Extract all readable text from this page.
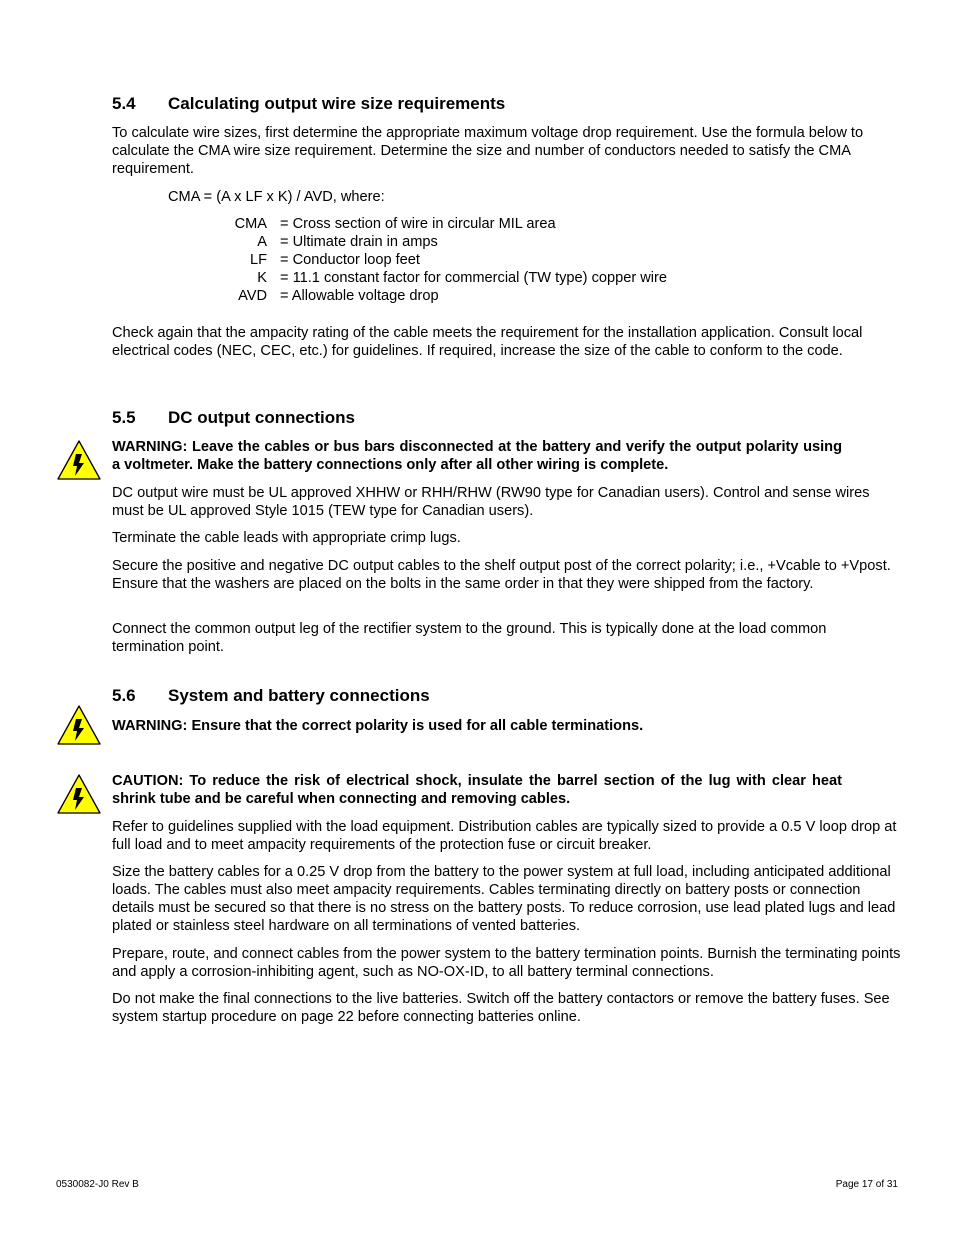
5.4 Calculating output wire size requirements

To calculate wire sizes, first determine the appropriate maximum voltage drop requirement. Use the formula below to calculate the CMA wire size requirement. Determine the size and number of conductors needed to satisfy the CMA requirement.

CMA = (A x LF x K) / AVD, where:

CMA = Cross section of wire in circular MIL area
A = Ultimate drain in amps
LF = Conductor loop feet
K = 11.1 constant factor for commercial (TW type) copper wire
AVD = Allowable voltage drop

Check again that the ampacity rating of the cable meets the requirement for the installation application. Consult local electrical codes (NEC, CEC, etc.) for guidelines. If required, increase the size of the cable to conform to the code.

5.5 DC output connections

WARNING: Leave the cables or bus bars disconnected at the battery and verify the output polarity using a voltmeter. Make the battery connections only after all other wiring is complete.

DC output wire must be UL approved XHHW or RHH/RHW (RW90 type for Canadian users). Control and sense wires must be UL approved Style 1015 (TEW type for Canadian users).

Terminate the cable leads with appropriate crimp lugs.

Secure the positive and negative DC output cables to the shelf output post of the correct polarity; i.e., +Vcable to +Vpost. Ensure that the washers are placed on the bolts in the same order in that they were shipped from the factory.

Connect the common output leg of the rectifier system to the ground. This is typically done at the load common termination point.

5.6 System and battery connections

WARNING: Ensure that the correct polarity is used for all cable terminations.

CAUTION: To reduce the risk of electrical shock, insulate the barrel section of the lug with clear heat shrink tube and be careful when connecting and removing cables.

Refer to guidelines supplied with the load equipment. Distribution cables are typically sized to provide a 0.5 V loop drop at full load and to meet ampacity requirements of the protection fuse or circuit breaker.

Size the battery cables for a 0.25 V drop from the battery to the power system at full load, including anticipated additional loads. The cables must also meet ampacity requirements. Cables terminating directly on battery posts or connection details must be secured so that there is no stress on the battery posts. To reduce corrosion, use lead plated lugs and lead plated or stainless steel hardware on all terminations of vented batteries.

Prepare, route, and connect cables from the power system to the battery termination points. Burnish the terminating points and apply a corrosion-inhibiting agent, such as NO-OX-ID, to all battery terminal connections.

Do not make the final connections to the live batteries. Switch off the battery contactors or remove the battery fuses. See system startup procedure on page 22 before connecting batteries online.

0530082-J0 Rev B	Page 17 of 31
